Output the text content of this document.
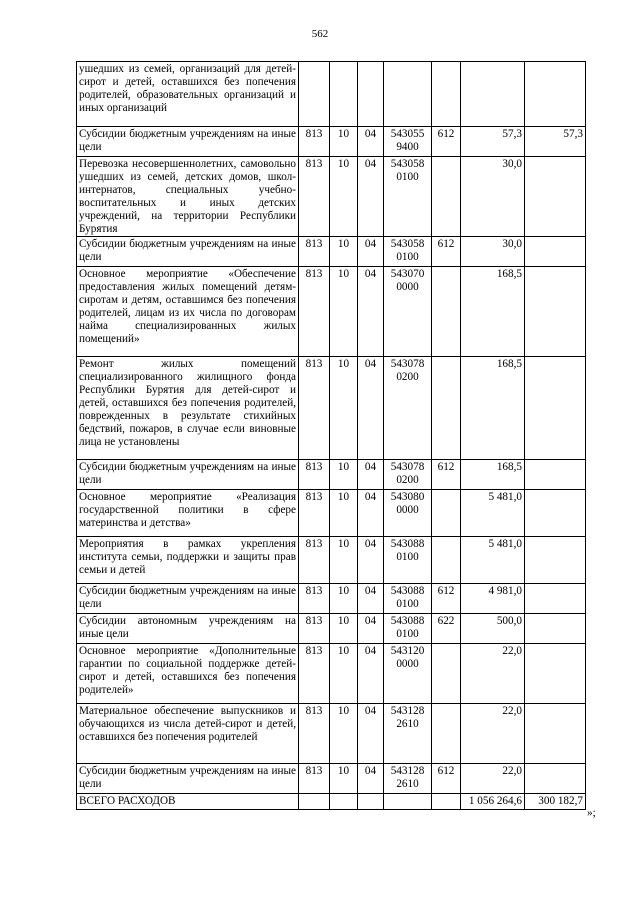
562
ушедших из семей, организаций для детей-сирот и детей, оставшихся без попечения родителей, образовательных организаций и иных организаций							
Субсидии бюджетным учреждениям на иные цели	813	10	04	543055 9400	612	57,3	57,3
Перевозка несовершеннолетних, самовольно ушедших из семей, детских домов, школ-интернатов, специальных учебно-воспитательных и иных детских учреждений, на территории Республики Бурятия	813	10	04	543058 0100		30,0	
Субсидии бюджетным учреждениям на иные цели	813	10	04	543058 0100	612	30,0	
Основное мероприятие «Обеспечение предоставления жилых помещений детям-сиротам и детям, оставшимся без попечения родителей, лицам из их числа по договорам найма специализированных жилых помещений»	813	10	04	543070 0000		168,5	
Ремонт жилых помещений специализированного жилищного фонда Республики Бурятия для детей-сирот и детей, оставшихся без попечения родителей, поврежденных в результате стихийных бедствий, пожаров, в случае если виновные лица не установлены	813	10	04	543078 0200		168,5	
Субсидии бюджетным учреждениям на иные цели	813	10	04	543078 0200	612	168,5	
Основное мероприятие «Реализация государственной политики в сфере материнства и детства»	813	10	04	543080 0000		5 481,0	
Мероприятия в рамках укрепления института семьи, поддержки и защиты прав семьи и детей	813	10	04	543088 0100		5 481,0	
Субсидии бюджетным учреждениям на иные цели	813	10	04	543088 0100	612	4 981,0	
Субсидии автономным учреждениям на иные цели	813	10	04	543088 0100	622	500,0	
Основное мероприятие «Дополнительные гарантии по социальной поддержке детей-сирот и детей, оставшихся без попечения родителей»	813	10	04	543120 0000		22,0	
Материальное обеспечение выпускников и обучающихся из числа детей-сирот и детей, оставшихся без попечения родителей	813	10	04	543128 2610		22,0	
Субсидии бюджетным учреждениям на иные цели	813	10	04	543128 2610	612	22,0	
ВСЕГО РАСХОДОВ						1 056 264,6	300 182,7
»;
